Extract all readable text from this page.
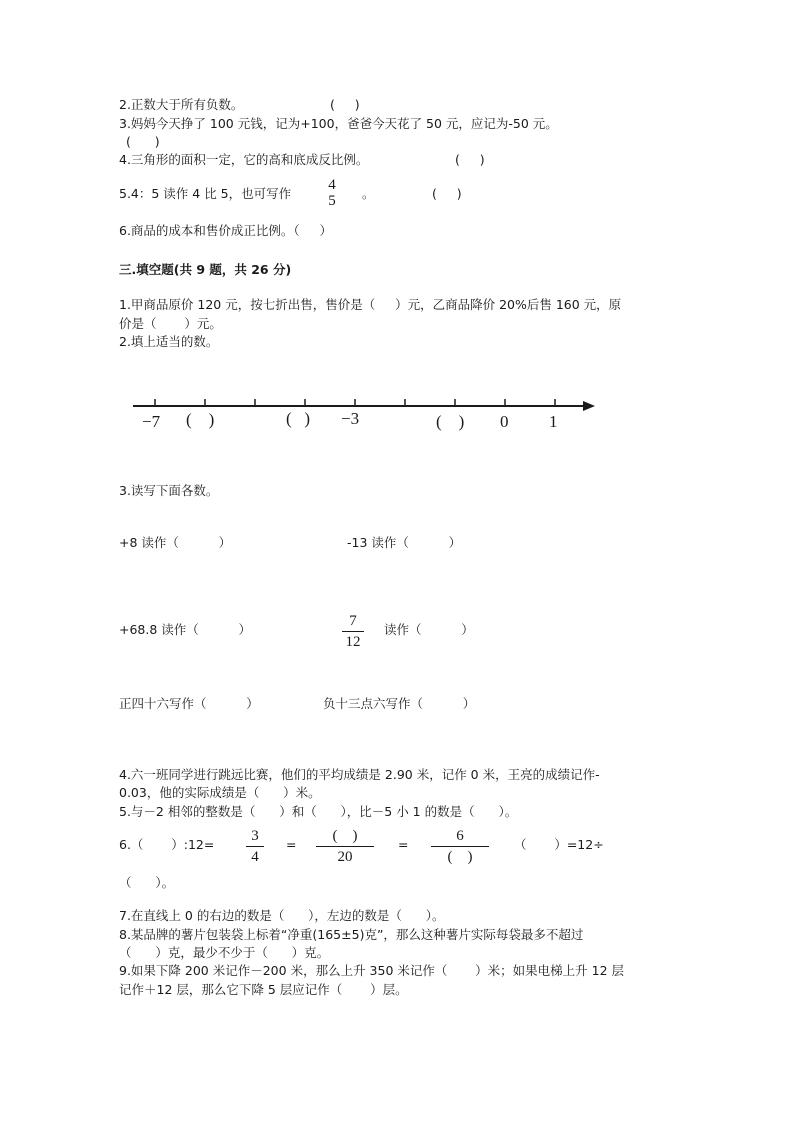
2.正数大于所有负数。	(     )
3.妈妈今天挣了 100 元钱，记为+100，爸爸今天花了 50 元，应记为-50 元。
(      )
4.三角形的面积一定，它的高和底成反比例。	(     )
5.4：5 读作 4 比 5，也可写作
4
5	。	(     )
6.商品的成本和售价成正比例。（     ）
三.填空题(共 9 题，共 26 分)
1.甲商品原价 120 元，按七折出售，售价是（     ）元，乙商品降价 20%后售 160 元，原
价是（       ）元。
2.填上适当的数。
−7 (    )	(   ) −3	(    ) 0 1
3.读写下面各数。
+8 读作（          ）	-13 读作（          ）
+68.8 读作（          ）
7
12
读作（          ）
正四十六写作（          ）	负十三点六写作（          ）
4.六一班同学进行跳远比赛，他们的平均成绩是 2.90 米，记作 0 米，王亮的成绩记作-
0.03，他的实际成绩是（      ）米。
5.与－2 相邻的整数是（      ）和（      ），比－5 小 1 的数是（      ）。
6.（       ）:12=
3
4
=
(    )
20
=
6
(    )
（       ）=12÷
（      ）。
7.在直线上 0 的右边的数是（      ），左边的数是（      ）。
8.某品牌的薯片包装袋上标着“净重(165±5)克”，那么这种薯片实际每袋最多不超过
（      ）克，最少不少于（      ）克。
9.如果下降 200 米记作－200 米，那么上升 350 米记作（       ）米；如果电梯上升 12 层
记作＋12 层，那么它下降 5 层应记作（       ）层。
